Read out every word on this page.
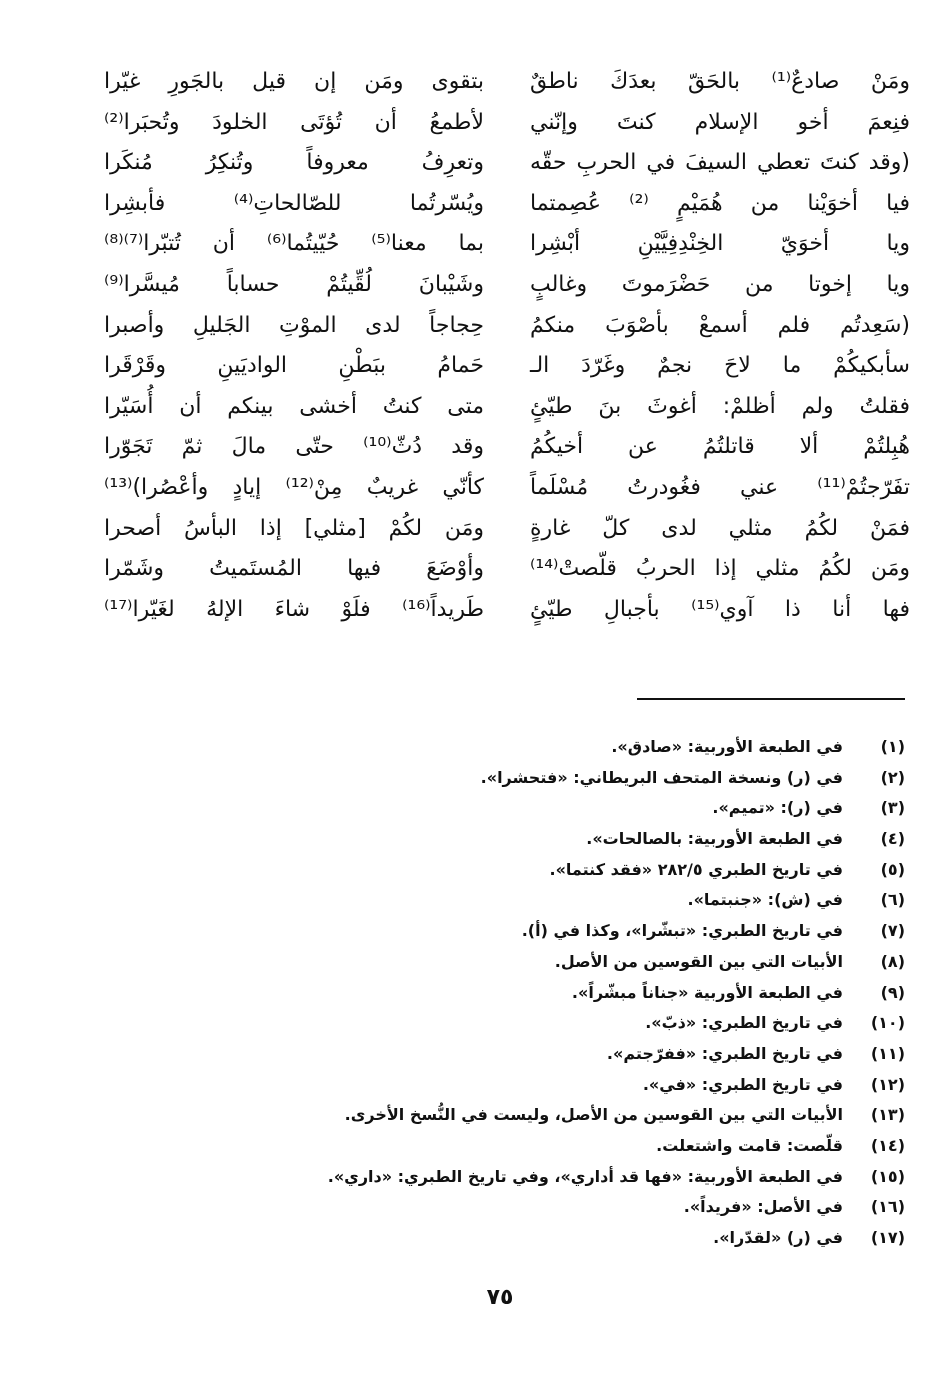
ومَنْ صادعٌ⁽¹⁾ بالحَقّ بعدَكَ ناطقٌ
فنِعمَ أخو الإسلام كنتَ وإنّني
(وقد كنتَ تعطي السيفَ في الحربِ حقّه
فيا أخوَيْنا من هُمَيْمٍ ⁽²⁾ عُصِمتما
ويا أخوَيّ الخِنْدِفِيَّيْنِ أبْشِرا
ويا إخوتا من حَضْرَموتَ وغالبٍ
(سَعِدتُم فلم أسمعْ بأصْوَبَ منكمُ
سأبكيكُمْ ما لاحَ نجمٌ وغَرّدَ الـ
فقلتُ ولم أظلمْ: أغوثَ بنَ طيّئٍ
هُبِلتُمْ ألا قاتلتُمُ عن أخيكُمُ
تفَرّجتُمْ⁽¹¹⁾ عني فغُودرتُ مُسْلَماً
فمَنْ لكُمُ مثلي لدى كلّ غارةٍ
ومَن لكُمُ مثلي إذا الحربُ قلّصتْ⁽¹⁴⁾
فها أنا ذا آوي⁽¹⁵⁾ بأجبالِ طيّئٍ
بتقوى ومَن إن قيل بالجَورِ غيّرا
لأطمعُ أن تُؤتَى الخلودَ وتُحبَرا⁽²⁾
وتعرِفُ معروفاً وتُنكِرُ مُنكَرا
ويُسّرتُما للصّالحاتِ⁽⁴⁾ فأبشِرا
بما معنا⁽⁵⁾ حُيّيتُما⁽⁶⁾ أن تُتبّرا⁽⁷⁾⁽⁸⁾
وشَيْبانَ لُقِّيتُمْ حساباً مُيسَّرا⁽⁹⁾
حِجاجاً لدى الموْتِ الجَليلِ وأصبرا
حَمامُ ببَطْنِ الواديَينِ وقَرْقَرا
متى كنتُ أخشى بينكم أن أُسَيّرا
وقد دُثّ⁽¹⁰⁾ حتّى مالَ ثمّ تَجَوّرا
كأنّي غريبٌ مِنْ⁽¹²⁾ إيادٍ وأعْصُرا)⁽¹³⁾
ومَن لكُمْ [مثلي] إذا البأسُ أصحرا
وأوْضَعَ فيها المُستَميتُ وشَمّرا
طَريداً⁽¹⁶⁾ فلَوْ شاءَ الإلهُ لغَيّرا⁽¹⁷⁾
(١)في الطبعة الأوربية: «صادق».
(٢)في (ر) ونسخة المتحف البريطاني: «فتحشرا».
(٣)في (ر): «تميم».
(٤)في الطبعة الأوربية: بالصالحات».
(٥)في تاريخ الطبري ٢٨٢/٥ «فقد كنتما».
(٦)في (ش): «جنبتما».
(٧)في تاريخ الطبري: «تبشّرا»، وكذا في (أ).
(٨)الأبيات التي بين القوسين من الأصل.
(٩)في الطبعة الأوربية «جناناً مبشّراً».
(١٠)في تاريخ الطبري: «ذبّ».
(١١)في تاريخ الطبري: «ففرّجتم».
(١٢)في تاريخ الطبري: «في».
(١٣)الأبيات التي بين القوسين من الأصل، وليست في النُّسخ الأخرى.
(١٤)قلّصت: قامت واشتعلت.
(١٥)في الطبعة الأوربية: «فها قد أداري»، وفي تاريخ الطبري: «داري».
(١٦)في الأصل: «فريداً».
(١٧)في (ر) «لقدّرا».
٧٥
